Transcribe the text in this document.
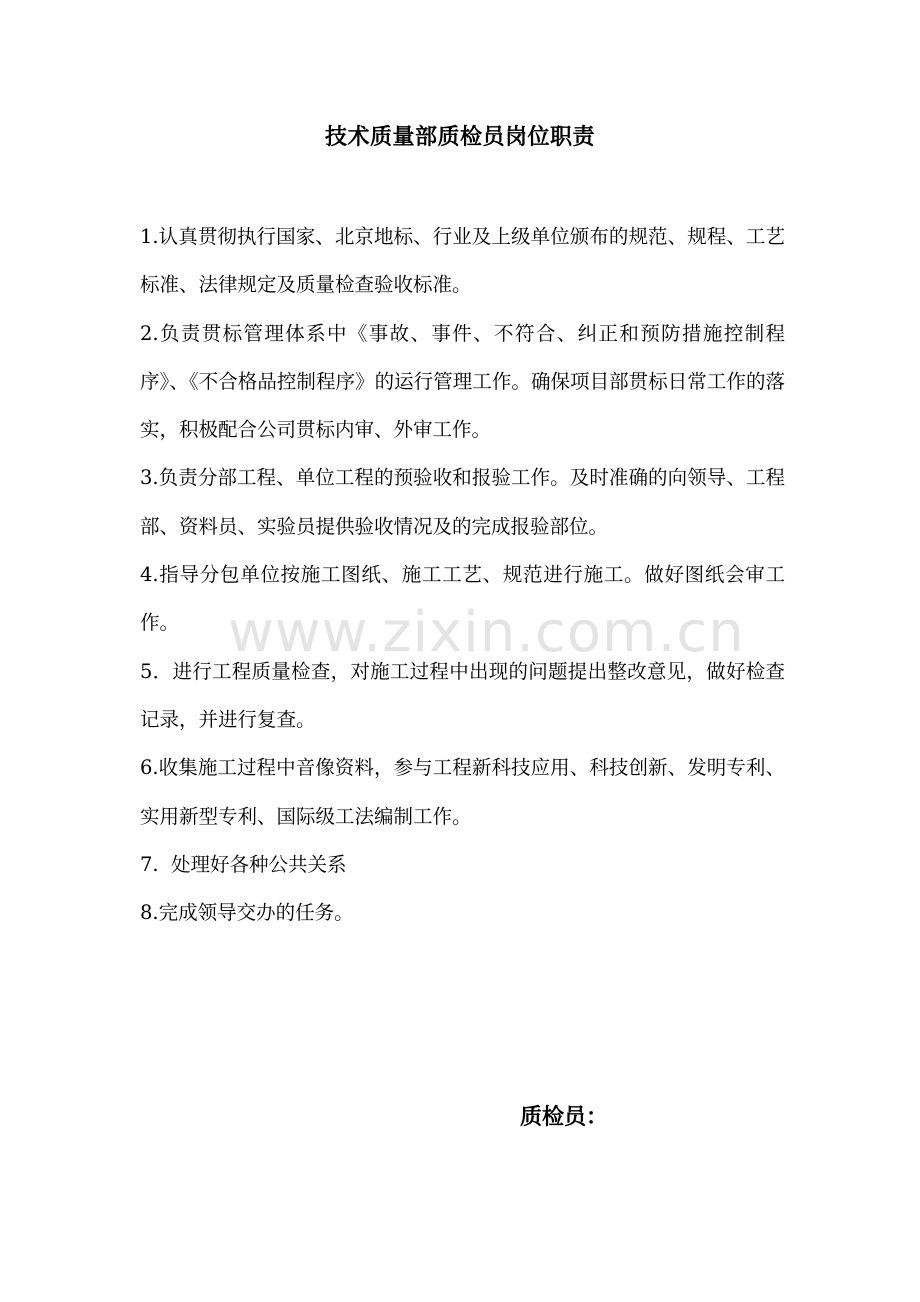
技术质量部质检员岗位职责

1.认真贯彻执行国家、北京地标、行业及上级单位颁布的规范、规程、工艺标准、法律规定及质量检查验收标准。

2.负责贯标管理体系中《事故、事件、不符合、纠正和预防措施控制程序》、《不合格品控制程序》的运行管理工作。确保项目部贯标日常工作的落实，积极配合公司贯标内审、外审工作。

3.负责分部工程、单位工程的预验收和报验工作。及时准确的向领导、工程部、资料员、实验员提供验收情况及的完成报验部位。

4.指导分包单位按施工图纸、施工工艺、规范进行施工。做好图纸会审工作。

5．进行工程质量检查，对施工过程中出现的问题提出整改意见，做好检查记录，并进行复查。

6.收集施工过程中音像资料，参与工程新科技应用、科技创新、发明专利、实用新型专利、国际级工法编制工作。

7.  处理好各种公共关系

8.完成领导交办的任务。

www.zixin.com.cn
质检员：
